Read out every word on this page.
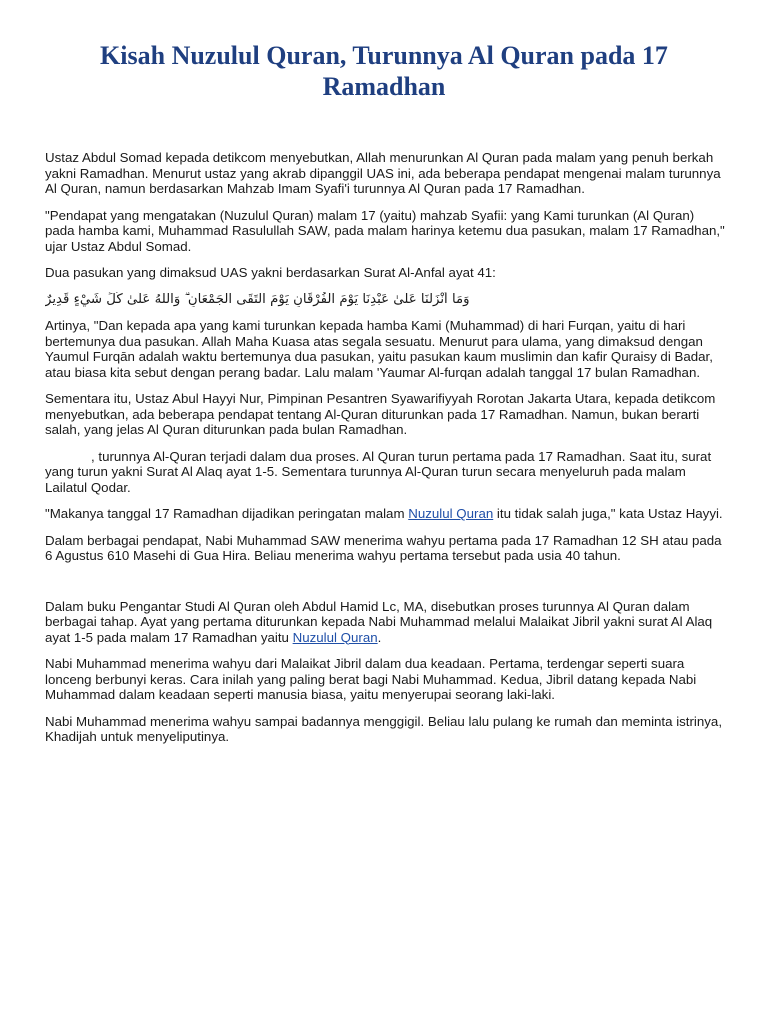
Kisah Nuzulul Quran, Turunnya Al Quran pada 17 Ramadhan

Ustaz Abdul Somad kepada detikcom menyebutkan, Allah menurunkan Al Quran pada malam yang penuh berkah yakni Ramadhan. Menurut ustaz yang akrab dipanggil UAS ini, ada beberapa pendapat mengenai malam turunnya Al Quran, namun berdasarkan Mahzab Imam Syafi'i turunnya Al Quran pada 17 Ramadhan.

"Pendapat yang mengatakan (Nuzulul Quran) malam 17 (yaitu) mahzab Syafii: yang Kami turunkan (Al Quran) pada hamba kami, Muhammad Rasulullah SAW, pada malam harinya ketemu dua pasukan, malam 17 Ramadhan," ujar Ustaz Abdul Somad.

Dua pasukan yang dimaksud UAS yakni berdasarkan Surat Al-Anfal ayat 41:

وَمَا أَنْزَلْنَا عَلَىٰ عَبْدِنَا يَوْمَ الْفُرْقَانِ يَوْمَ الْتَقَى الْجَمْعَانِ ۗ وَاللَّهُ عَلَىٰ كُلِّ شَيْءٍ قَدِيرٌ

Artinya, "Dan kepada apa yang kami turunkan kepada hamba Kami (Muhammad) di hari Furqan, yaitu di hari bertemunya dua pasukan. Allah Maha Kuasa atas segala sesuatu. Menurut para ulama, yang dimaksud dengan Yaumul Furqān adalah waktu bertemunya dua pasukan, yaitu pasukan kaum muslimin dan kafir Quraisy di Badar, atau biasa kita sebut dengan perang badar. Lalu malam 'Yaumar Al-furqan adalah tanggal 17 bulan Ramadhan.

Sementara itu, Ustaz Abul Hayyi Nur, Pimpinan Pesantren Syawarifiyyah Rorotan Jakarta Utara, kepada detikcom menyebutkan, ada beberapa pendapat tentang Al-Quran diturunkan pada 17 Ramadhan. Namun, bukan berarti salah, yang jelas Al Quran diturunkan pada bulan Ramadhan.

, turunnya Al-Quran terjadi dalam dua proses. Al Quran turun pertama pada 17 Ramadhan. Saat itu, surat yang turun yakni Surat Al Alaq ayat 1-5. Sementara turunnya Al-Quran turun secara menyeluruh pada malam Lailatul Qodar.

"Makanya tanggal 17 Ramadhan dijadikan peringatan malam Nuzulul Quran itu tidak salah juga," kata Ustaz Hayyi.

Dalam berbagai pendapat, Nabi Muhammad SAW menerima wahyu pertama pada 17 Ramadhan 12 SH atau pada 6 Agustus 610 Masehi di Gua Hira. Beliau menerima wahyu pertama tersebut pada usia 40 tahun.

Dalam buku Pengantar Studi Al Quran oleh Abdul Hamid Lc, MA, disebutkan proses turunnya Al Quran dalam berbagai tahap. Ayat yang pertama diturunkan kepada Nabi Muhammad melalui Malaikat Jibril yakni surat Al Alaq ayat 1-5 pada malam 17 Ramadhan yaitu Nuzulul Quran.

Nabi Muhammad menerima wahyu dari Malaikat Jibril dalam dua keadaan. Pertama, terdengar seperti suara lonceng berbunyi keras. Cara inilah yang paling berat bagi Nabi Muhammad. Kedua, Jibril datang kepada Nabi Muhammad dalam keadaan seperti manusia biasa, yaitu menyerupai seorang laki-laki.

Nabi Muhammad menerima wahyu sampai badannya menggigil. Beliau lalu pulang ke rumah dan meminta istrinya, Khadijah untuk menyeliputinya.
